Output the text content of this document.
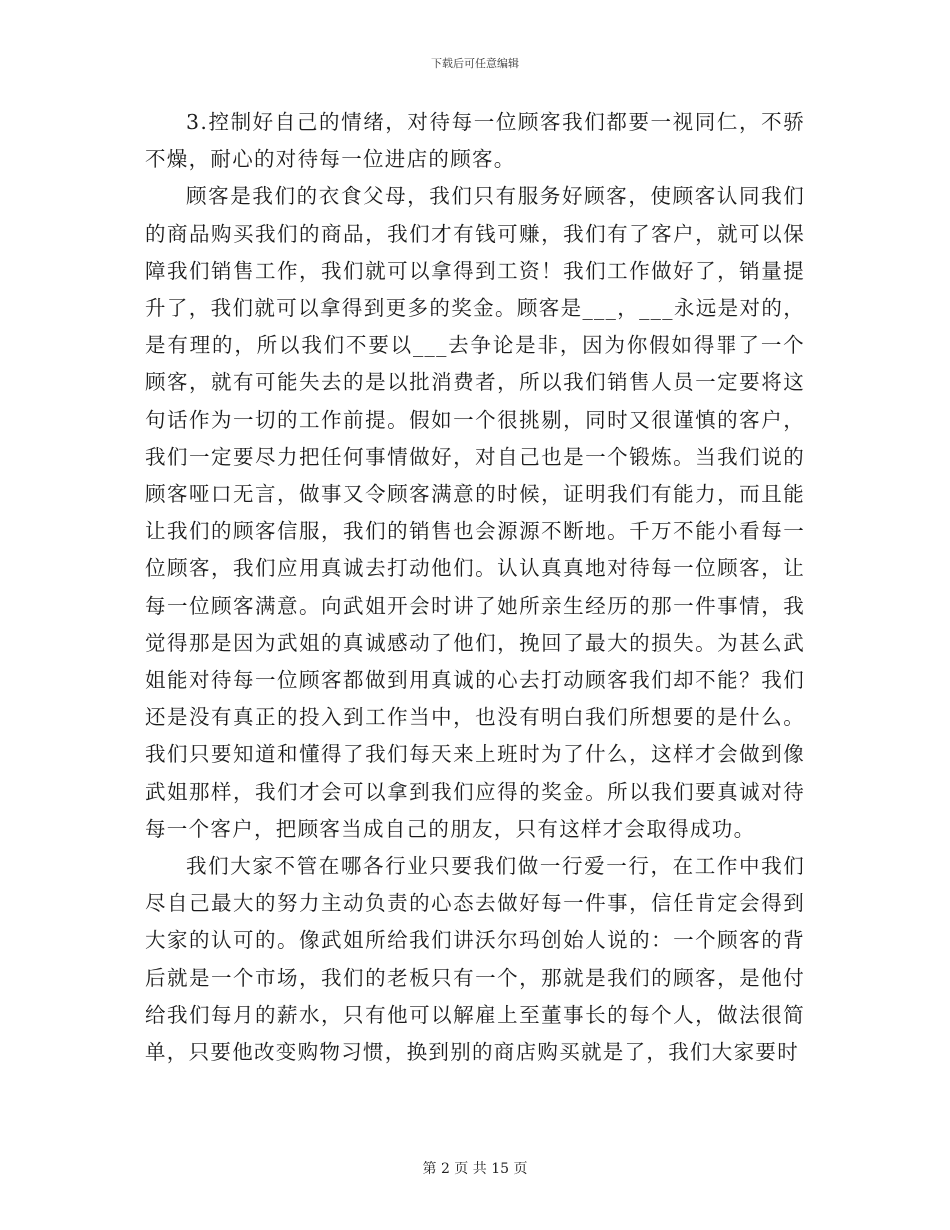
下载后可任意编辑

3.控制好自己的情绪，对待每一位顾客我们都要一视同仁，不骄不燥，耐心的对待每一位进店的顾客。

顾客是我们的衣食父母，我们只有服务好顾客，使顾客认同我们的商品购买我们的商品，我们才有钱可赚，我们有了客户，就可以保障我们销售工作，我们就可以拿得到工资！我们工作做好了，销量提升了，我们就可以拿得到更多的奖金。顾客是___，___永远是对的，是有理的，所以我们不要以___去争论是非，因为你假如得罪了一个顾客，就有可能失去的是以批消费者，所以我们销售人员一定要将这句话作为一切的工作前提。假如一个很挑剔，同时又很谨慎的客户，我们一定要尽力把任何事情做好，对自己也是一个锻炼。当我们说的顾客哑口无言，做事又令顾客满意的时候，证明我们有能力，而且能让我们的顾客信服，我们的销售也会源源不断地。千万不能小看每一位顾客，我们应用真诚去打动他们。认认真真地对待每一位顾客，让每一位顾客满意。向武姐开会时讲了她所亲生经历的那一件事情，我觉得那是因为武姐的真诚感动了他们，挽回了最大的损失。为甚么武姐能对待每一位顾客都做到用真诚的心去打动顾客我们却不能？我们还是没有真正的投入到工作当中，也没有明白我们所想要的是什么。我们只要知道和懂得了我们每天来上班时为了什么，这样才会做到像武姐那样，我们才会可以拿到我们应得的奖金。所以我们要真诚对待每一个客户，把顾客当成自己的朋友，只有这样才会取得成功。

我们大家不管在哪各行业只要我们做一行爱一行，在工作中我们尽自己最大的努力主动负责的心态去做好每一件事，信任肯定会得到大家的认可的。像武姐所给我们讲沃尔玛创始人说的：一个顾客的背后就是一个市场，我们的老板只有一个，那就是我们的顾客，是他付给我们每月的薪水，只有他可以解雇上至董事长的每个人，做法很简单，只要他改变购物习惯，换到别的商店购买就是了，我们大家要时

第 2 页 共 15 页
